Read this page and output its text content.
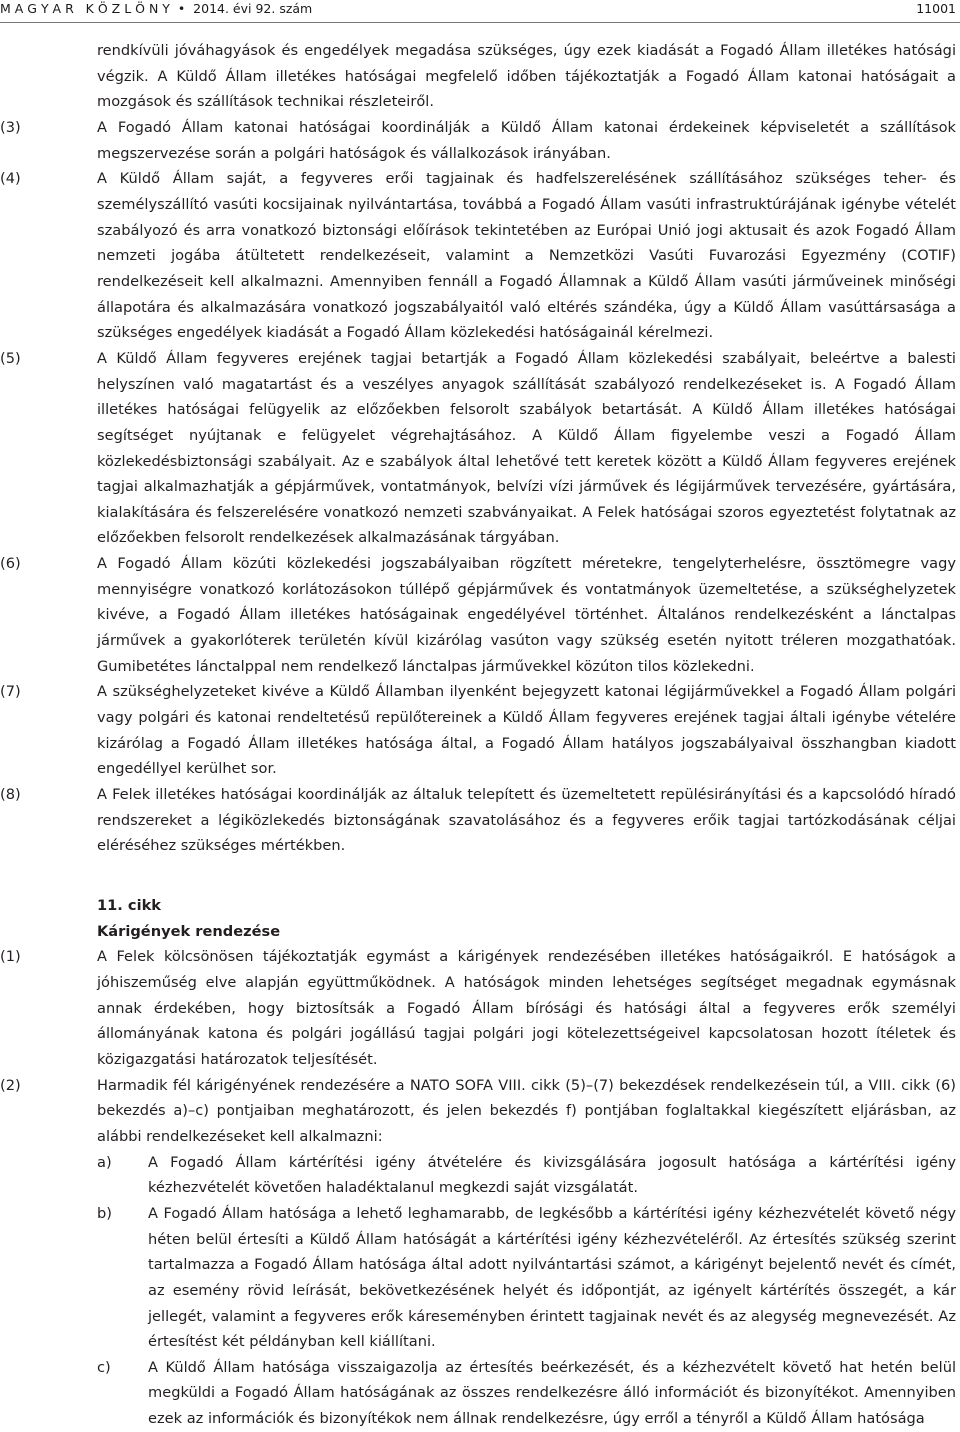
M A G Y A R   K Ö Z L Ö N Y  •  2014. évi 92. szám	11001
rendkívüli jóváhagyások és engedélyek megadása szükséges, úgy ezek kiadását a Fogadó Állam illetékes hatósági végzik. A Küldő Állam illetékes hatóságai megfelelő időben tájékoztatják a Fogadó Állam katonai hatóságait a mozgások és szállítások technikai részleteiről.
(3)	A Fogadó Állam katonai hatóságai koordinálják a Küldő Állam katonai érdekeinek képviseletét a szállítások megszervezése során a polgári hatóságok és vállalkozások irányában.
(4)	A Küldő Állam saját, a fegyveres erői tagjainak és hadfelszerelésének szállításához szükséges teher- és személyszállító vasúti kocsijainak nyilvántartása, továbbá a Fogadó Állam vasúti infrastruktúrájának igénybe vételét szabályozó és arra vonatkozó biztonsági előírások tekintetében az Európai Unió jogi aktusait és azok Fogadó Állam nemzeti jogába átültetett rendelkezéseit, valamint a Nemzetközi Vasúti Fuvarozási Egyezmény (COTIF) rendelkezéseit kell alkalmazni. Amennyiben fennáll a Fogadó Államnak a Küldő Állam vasúti járműveinek minőségi állapotára és alkalmazására vonatkozó jogszabályaitól való eltérés szándéka, úgy a Küldő Állam vasúttársasága a szükséges engedélyek kiadását a Fogadó Állam közlekedési hatóságainál kérelmezi.
(5)	A Küldő Állam fegyveres erejének tagjai betartják a Fogadó Állam közlekedési szabályait, beleértve a balesti helyszínen való magatartást és a veszélyes anyagok szállítását szabályozó rendelkezéseket is. A Fogadó Állam illetékes hatóságai felügyelik az előzőekben felsorolt szabályok betartását. A Küldő Állam illetékes hatóságai segítséget nyújtanak e felügyelet végrehajtásához. A Küldő Állam figyelembe veszi a Fogadó Állam közlekedésbiztonsági szabályait. Az e szabályok által lehetővé tett keretek között a Küldő Állam fegyveres erejének tagjai alkalmazhatják a gépjárművek, vontatmányok, belvízi vízi járművek és légijárművek tervezésére, gyártására, kialakítására és felszerelésére vonatkozó nemzeti szabványaikat. A Felek hatóságai szoros egyeztetést folytatnak az előzőekben felsorolt rendelkezések alkalmazásának tárgyában.
(6)	A Fogadó Állam közúti közlekedési jogszabályaiban rögzített méretekre, tengelyterhelésre, össztömegre vagy mennyiségre vonatkozó korlátozásokon túllépő gépjárművek és vontatmányok üzemeltetése, a szükséghelyzetek kivéve, a Fogadó Állam illetékes hatóságainak engedélyével történhet. Általános rendelkezésként a lánctalpas járművek a gyakorlóterek területén kívül kizárólag vasúton vagy szükség esetén nyitott tréleren mozgathatóak. Gumibetétes lánctalppal nem rendelkező lánctalpas járművekkel közúton tilos közlekedni.
(7)	A szükséghelyzeteket kivéve a Küldő Államban ilyenként bejegyzett katonai légijárművekkel a Fogadó Állam polgári vagy polgári és katonai rendeltetésű repülőtereinek a Küldő Állam fegyveres erejének tagjai általi igénybe vételére kizárólag a Fogadó Állam illetékes hatósága által, a Fogadó Állam hatályos jogszabályaival összhangban kiadott engedéllyel kerülhet sor.
(8)	A Felek illetékes hatóságai koordinálják az általuk telepített és üzemeltetett repülésirányítási és a kapcsolódó híradó rendszereket a légiközlekedés biztonságának szavatolásához és a fegyveres erőik tagjai tartózkodásának céljai eléréséhez szükséges mértékben.
11. cikk
Kárigények rendezése
(1)	A Felek kölcsönösen tájékoztatják egymást a kárigények rendezésében illetékes hatóságaikról. E hatóságok a jóhiszeműség elve alapján együttműködnek. A hatóságok minden lehetséges segítséget megadnak egymásnak annak érdekében, hogy biztosítsák a Fogadó Állam bírósági és hatósági által a fegyveres erők személyi állományának katona és polgári jogállású tagjai polgári jogi kötelezettségeivel kapcsolatosan hozott ítéletek és közigazgatási határozatok teljesítését.
(2)	Harmadik fél kárigényének rendezésére a NATO SOFA VIII. cikk (5)–(7) bekezdések rendelkezésein túl, a VIII. cikk (6) bekezdés a)–c) pontjaiban meghatározott, és jelen bekezdés f) pontjában foglaltakkal kiegészített eljárásban, az alábbi rendelkezéseket kell alkalmazni:
a) A Fogadó Állam kártérítési igény átvételére és kivizsgálására jogosult hatósága a kártérítési igény kézhezvételét követően haladéktalanul megkezdi saját vizsgálatát.
b) A Fogadó Állam hatósága a lehető leghamarabb, de legkésőbb a kártérítési igény kézhezvételét követő négy héten belül értesíti a Küldő Állam hatóságát a kártérítési igény kézhezvételéről. Az értesítés szükség szerint tartalmazza a Fogadó Állam hatósága által adott nyilvántartási számot, a kárigényt bejelentő nevét és címét, az esemény rövid leírását, bekövetkezésének helyét és időpontját, az igényelt kártérítés összegét, a kár jellegét, valamint a fegyveres erők káreseményben érintett tagjainak nevét és az alegység megnevezését. Az értesítést két példányban kell kiállítani.
c)	A Küldő Állam hatósága visszaigazolja az értesítés beérkezését, és a kézhezvételt követő hat hetén belül megküldi a Fogadó Állam hatóságának az összes rendelkezésre álló információt és bizonyítékot. Amennyiben ezek az információk és bizonyítékok nem állnak rendelkezésre, úgy erről a tényről a Küldő Állam hatósága
